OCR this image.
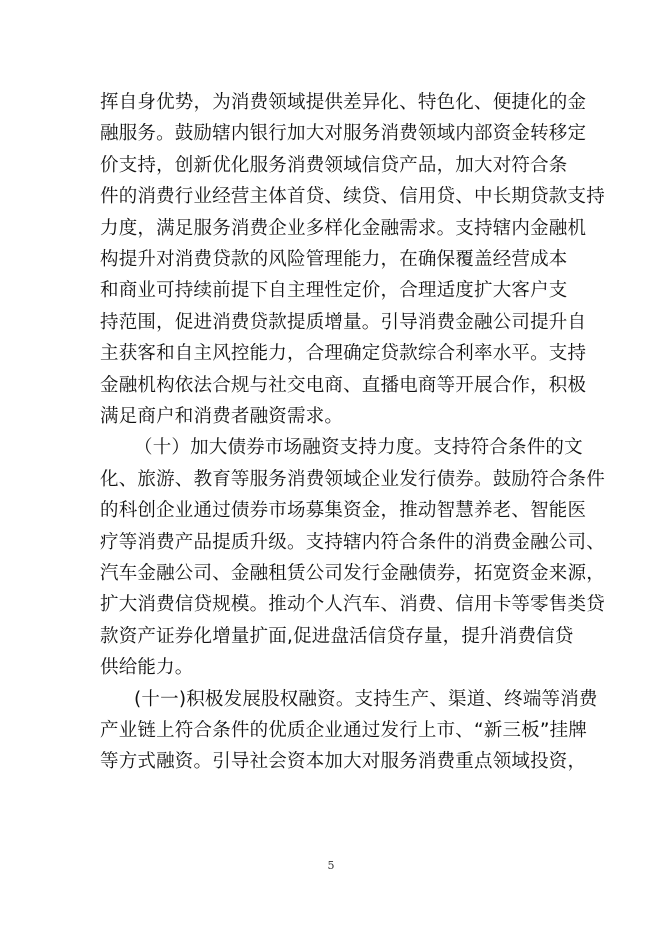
挥自身优势，为消费领域提供差异化、特色化、便捷化的金
融服务。鼓励辖内银行加大对服务消费领域内部资金转移定
价支持，创新优化服务消费领域信贷产品，加大对符合条
件的消费行业经营主体首贷、续贷、信用贷、中长期贷款支持
力度，满足服务消费企业多样化金融需求。支持辖内金融机
构提升对消费贷款的风险管理能力，在确保覆盖经营成本
和商业可持续前提下自主理性定价，合理适度扩大客户支
持范围，促进消费贷款提质增量。引导消费金融公司提升自
主获客和自主风控能力，合理确定贷款综合利率水平。支持
金融机构依法合规与社交电商、直播电商等开展合作，积极
满足商户和消费者融资需求。
（十）加大债券市场融资支持力度。支持符合条件的文
化、旅游、教育等服务消费领域企业发行债券。鼓励符合条件
的科创企业通过债券市场募集资金，推动智慧养老、智能医
疗等消费产品提质升级。支持辖内符合条件的消费金融公司、
汽车金融公司、金融租赁公司发行金融债券，拓宽资金来源，
扩大消费信贷规模。推动个人汽车、消费、信用卡等零售类贷
款资产证券化增量扩面,促进盘活信贷存量，提升消费信贷
供给能力。
(十一)积极发展股权融资。支持生产、渠道、终端等消费
产业链上符合条件的优质企业通过发行上市、“新三板”挂牌
等方式融资。引导社会资本加大对服务消费重点领域投资，
5
